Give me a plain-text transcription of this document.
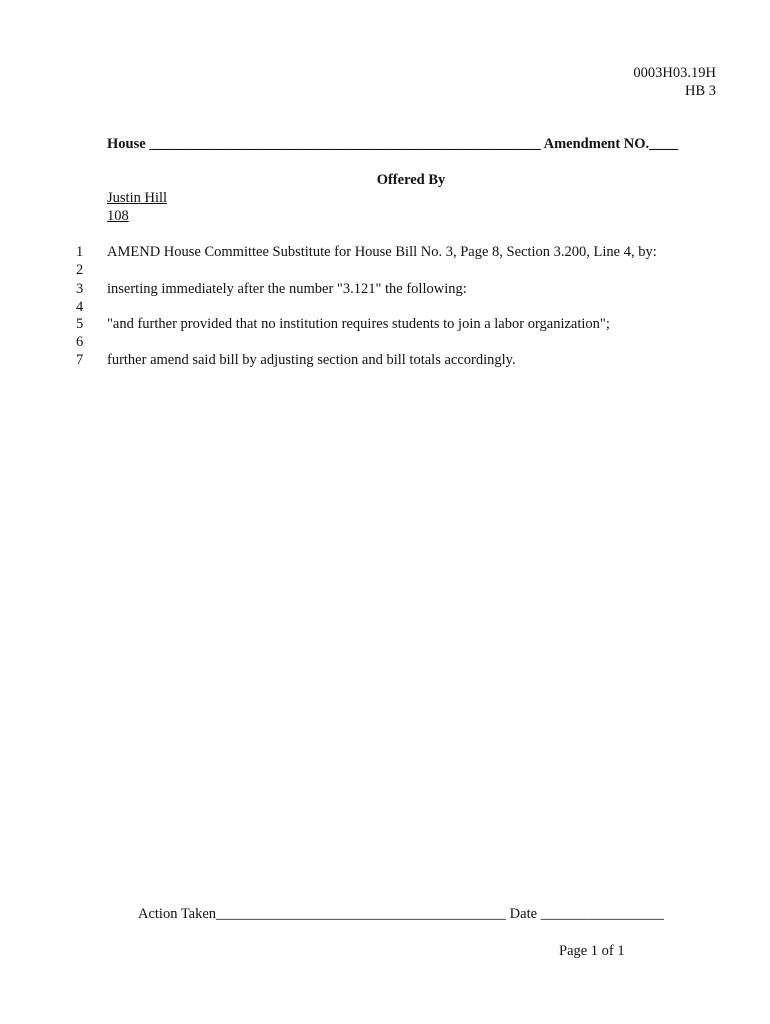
0003H03.19H
HB 3
House ______________________________________________________ Amendment NO.____
Offered By
Justin Hill
108
1 AMEND House Committee Substitute for House Bill No. 3, Page 8, Section 3.200, Line 4, by:
2
3 inserting immediately after the number "3.121" the following:
4
5 "and further provided that no institution requires students to join a labor organization";
6
7 further amend said bill by adjusting section and bill totals accordingly.
Action Taken________________________________________ Date _________________
Page 1 of 1
